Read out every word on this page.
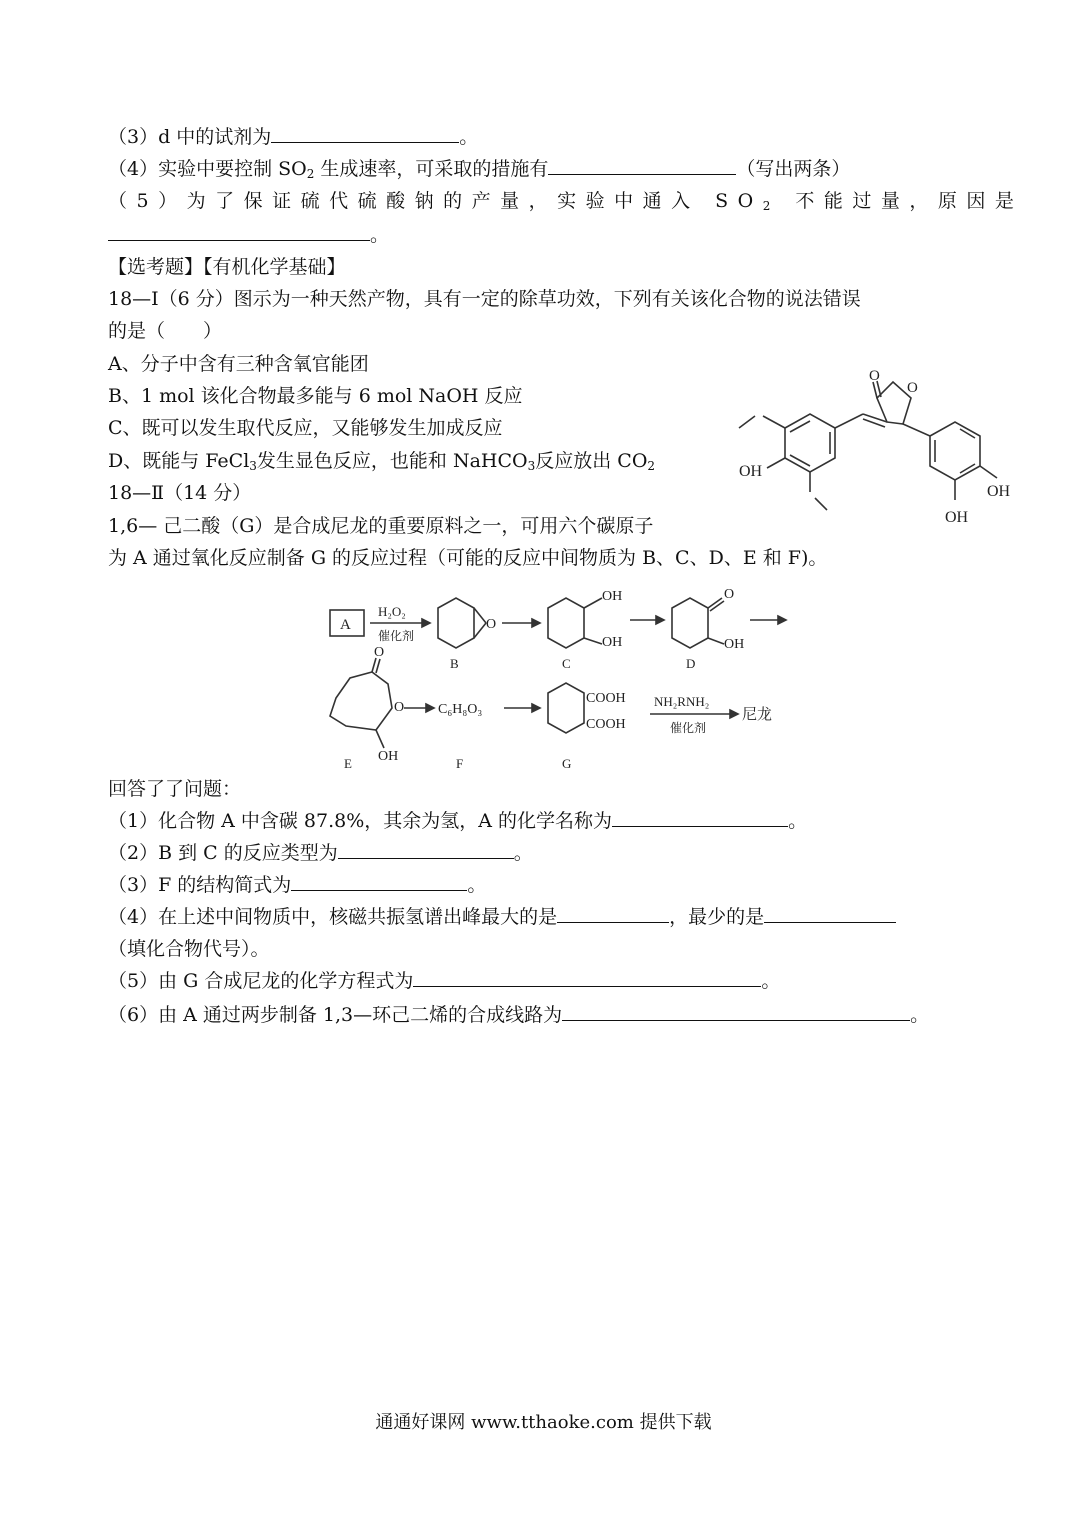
（3）d 中的试剂为	。
（4）实验中要控制 $SO_2$ 生成速率，可采取的措施有	（写出两条）
（5）为了保证硫代硫酸钠的产量，实验中通入 $SO_2$ 不能过量，原因是
。
【选考题】【有机化学基础】
18—Ⅰ（6 分）图示为一种天然产物，具有一定的除草功效，下列有关该化合物的说法错误
的是（　　）
A、分子中含有三种含氧官能团
B、1 mol 该化合物最多能与 6 mol NaOH 反应
C、既可以发生取代反应，又能够发生加成反应
D、既能与 FeCl$_3$发生显色反应，也能和 NaHCO$_3$反应放出 $CO_2$
O
O
OH
OH
OH
18—Ⅱ（14 分）
1,6— 己二酸（G）是合成尼龙的重要原料之一，可用六个碳原子
为 A 通过氧化反应制备 G 的反应过程（可能的反应中间物质为 B、C、D、E 和 F)。
A
H₂O₂
催化剂
O
B
OH
OH
C
O
OH
D
O
O
OH
E
C₆H₈O₃
F
COOH
COOH
G
NH₂RNH₂
催化剂
尼龙
回答了了问题：
（1）化合物 A 中含碳 87.8%，其余为氢，A 的化学名称为	。
（2）B 到 C 的反应类型为	。
（3）F 的结构简式为	。
（4）在上述中间物质中，核磁共振氢谱出峰最大的是	，最少的是
（填化合物代号）。
（5）由 G 合成尼龙的化学方程式为	。
（6）由 A 通过两步制备 1,3—环己二烯的合成线路为	。
通通好课网 www.tthaoke.com 提供下载
